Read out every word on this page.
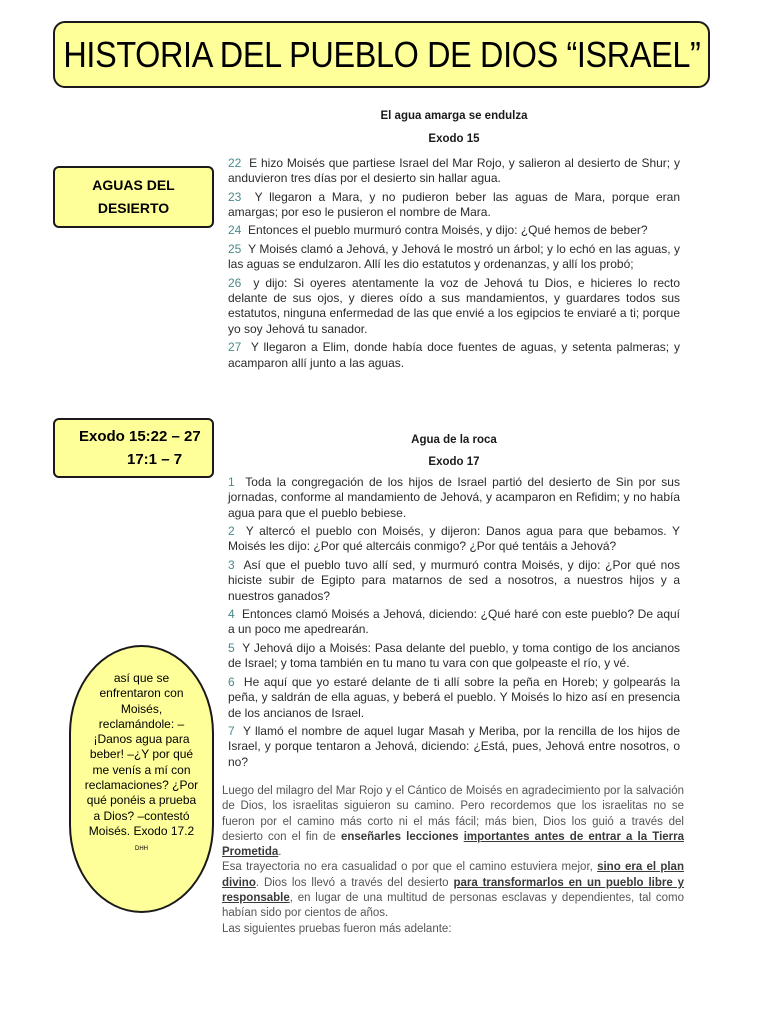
HISTORIA DEL PUEBLO DE DIOS “ISRAEL”
AGUAS DEL
DESIERTO
Exodo 15:22 – 27
17:1 – 7
así que se enfrentaron con Moisés, reclamándole: –¡Danos agua para beber! –¿Y por qué me venís a mí con reclamaciones? ¿Por qué ponéis a prueba a Dios? –contestó Moisés. Exodo 17.2 DHH
El agua amarga se endulza
Exodo 15

22 E hizo Moisés que partiese Israel del Mar Rojo, y salieron al desierto de Shur; y anduvieron tres días por el desierto sin hallar agua.

23 Y llegaron a Mara, y no pudieron beber las aguas de Mara, porque eran amargas; por eso le pusieron el nombre de Mara.

24 Entonces el pueblo murmuró contra Moisés, y dijo: ¿Qué hemos de beber?

25 Y Moisés clamó a Jehová, y Jehová le mostró un árbol; y lo echó en las aguas, y las aguas se endulzaron. Allí les dio estatutos y ordenanzas, y allí los probó;

26 y dijo: Si oyeres atentamente la voz de Jehová tu Dios, e hicieres lo recto delante de sus ojos, y dieres oído a sus mandamientos, y guardares todos sus estatutos, ninguna enfermedad de las que envié a los egipcios te enviaré a ti; porque yo soy Jehová tu sanador.

27 Y llegaron a Elim, donde había doce fuentes de aguas, y setenta palmeras; y acamparon allí junto a las aguas.

Agua de la roca
Exodo 17

1 Toda la congregación de los hijos de Israel partió del desierto de Sin por sus jornadas, conforme al mandamiento de Jehová, y acamparon en Refidim; y no había agua para que el pueblo bebiese.

2 Y altercó el pueblo con Moisés, y dijeron: Danos agua para que bebamos. Y Moisés les dijo: ¿Por qué altercáis conmigo? ¿Por qué tentáis a Jehová?

3 Así que el pueblo tuvo allí sed, y murmuró contra Moisés, y dijo: ¿Por qué nos hiciste subir de Egipto para matarnos de sed a nosotros, a nuestros hijos y a nuestros ganados?

4 Entonces clamó Moisés a Jehová, diciendo: ¿Qué haré con este pueblo? De aquí a un poco me apedrearán.

5 Y Jehová dijo a Moisés: Pasa delante del pueblo, y toma contigo de los ancianos de Israel; y toma también en tu mano tu vara con que golpeaste el río, y vé.

6 He aquí que yo estaré delante de ti allí sobre la peña en Horeb; y golpearás la peña, y saldrán de ella aguas, y beberá el pueblo. Y Moisés lo hizo así en presencia de los ancianos de Israel.

7 Y llamó el nombre de aquel lugar Masah y Meriba, por la rencilla de los hijos de Israel, y porque tentaron a Jehová, diciendo: ¿Está, pues, Jehová entre nosotros, o no?

Luego del milagro del Mar Rojo y el Cántico de Moisés en agradecimiento por la salvación de Dios, los israelitas siguieron su camino. Pero recordemos que los israelitas no se fueron por el camino más corto ni el más fácil; más bien, Dios los guió a través del desierto con el fin de enseñarles lecciones importantes antes de entrar a la Tierra Prometida.

Esa trayectoria no era casualidad o por que el camino estuviera mejor, sino era el plan divino. Dios los llevó a través del desierto para transformarlos en un pueblo libre y responsable, en lugar de una multitud de personas esclavas y dependientes, tal como habían sido por cientos de años.

Las siguientes pruebas fueron más adelante:
